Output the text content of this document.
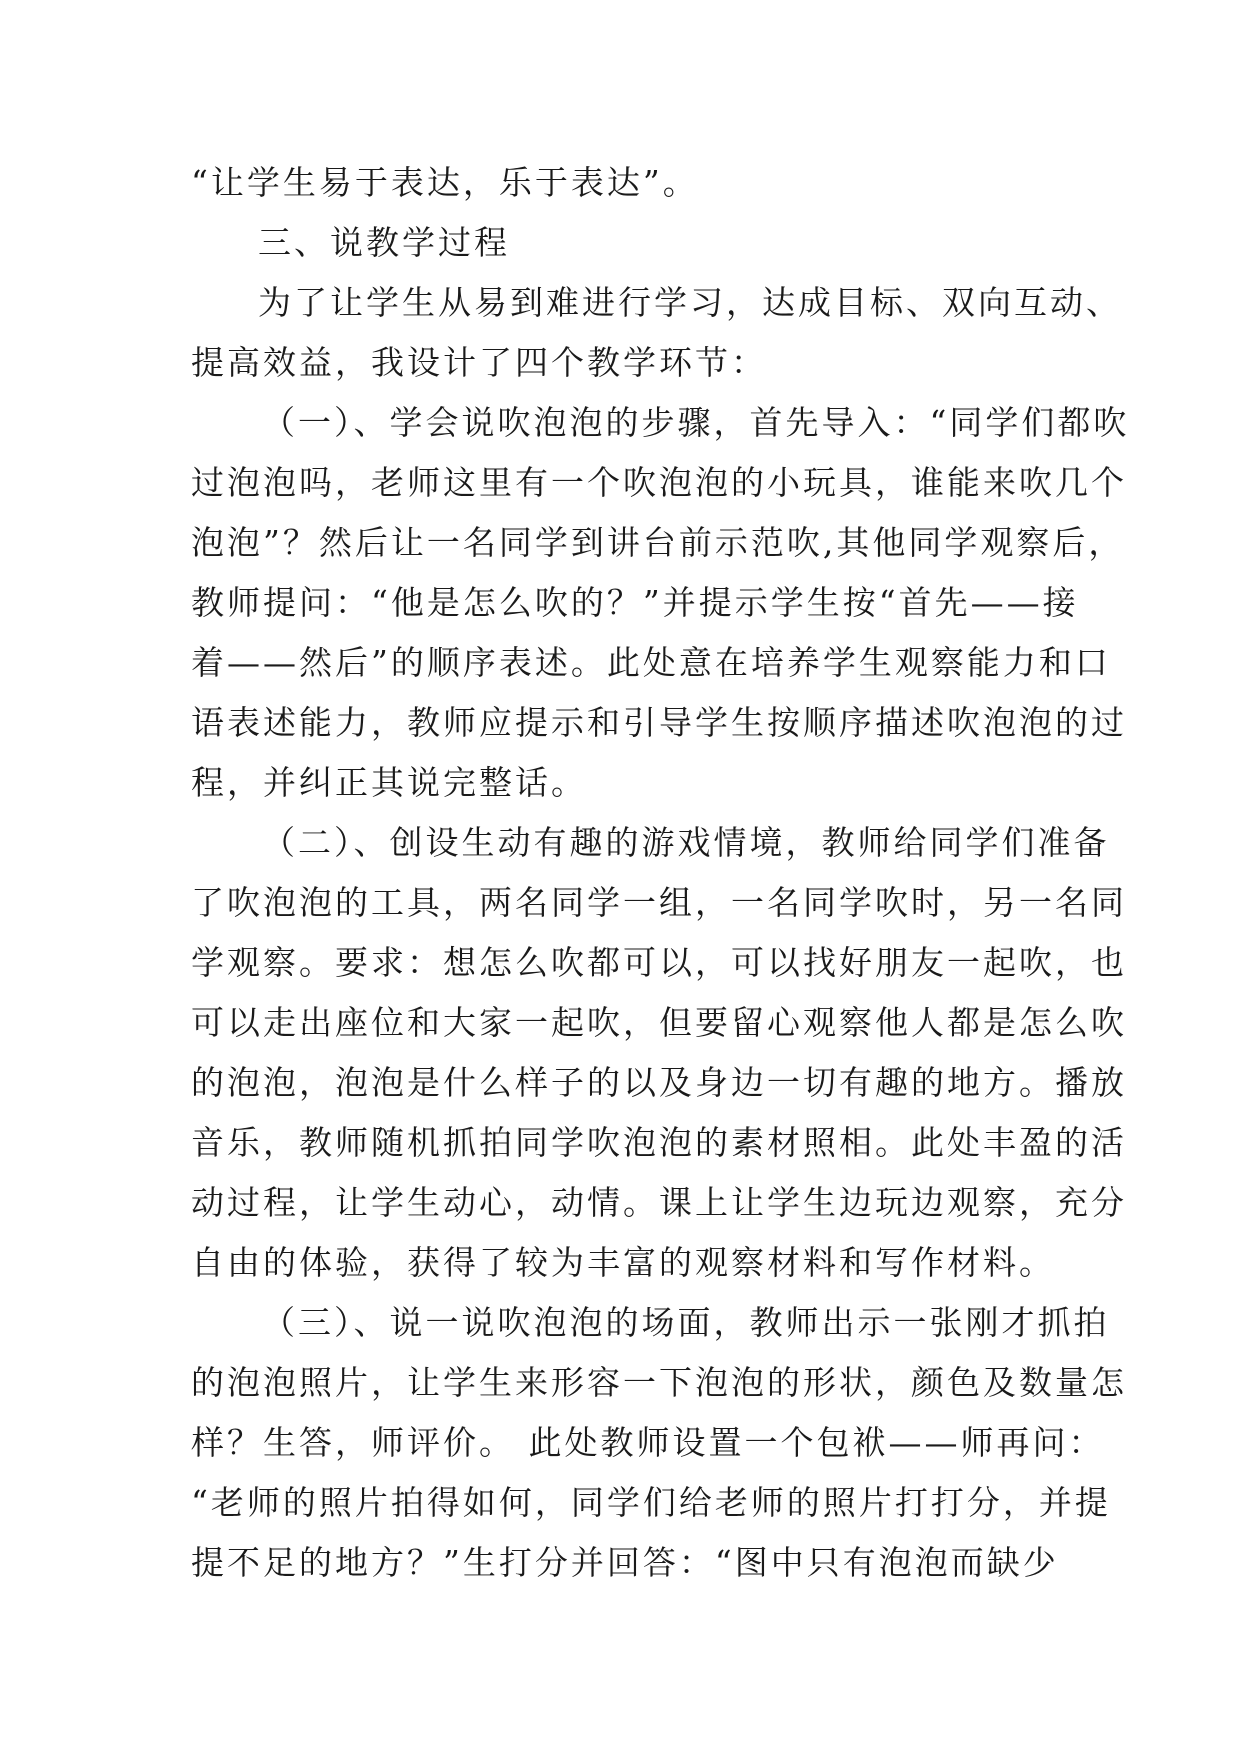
“让学生易于表达，乐于表达”。
三、说教学过程
为了让学生从易到难进行学习，达成目标、双向互动、
提高效益，我设计了四个教学环节：
（一）、学会说吹泡泡的步骤，首先导入：“同学们都吹
过泡泡吗，老师这里有一个吹泡泡的小玩具，谁能来吹几个
泡泡”？然后让一名同学到讲台前示范吹,其他同学观察后，
教师提问：“他是怎么吹的？”并提示学生按“首先——接
着——然后”的顺序表述。此处意在培养学生观察能力和口
语表述能力，教师应提示和引导学生按顺序描述吹泡泡的过
程，并纠正其说完整话。
（二）、创设生动有趣的游戏情境，教师给同学们准备
了吹泡泡的工具，两名同学一组，一名同学吹时，另一名同
学观察。要求：想怎么吹都可以，可以找好朋友一起吹，也
可以走出座位和大家一起吹，但要留心观察他人都是怎么吹
的泡泡，泡泡是什么样子的以及身边一切有趣的地方。播放
音乐，教师随机抓拍同学吹泡泡的素材照相。此处丰盈的活
动过程，让学生动心，动情。课上让学生边玩边观察，充分
自由的体验，获得了较为丰富的观察材料和写作材料。
（三）、说一说吹泡泡的场面，教师出示一张刚才抓拍
的泡泡照片，让学生来形容一下泡泡的形状，颜色及数量怎
样？生答，师评价。 此处教师设置一个包袱——师再问：
“老师的照片拍得如何，同学们给老师的照片打打分，并提
提不足的地方？”生打分并回答：“图中只有泡泡而缺少
